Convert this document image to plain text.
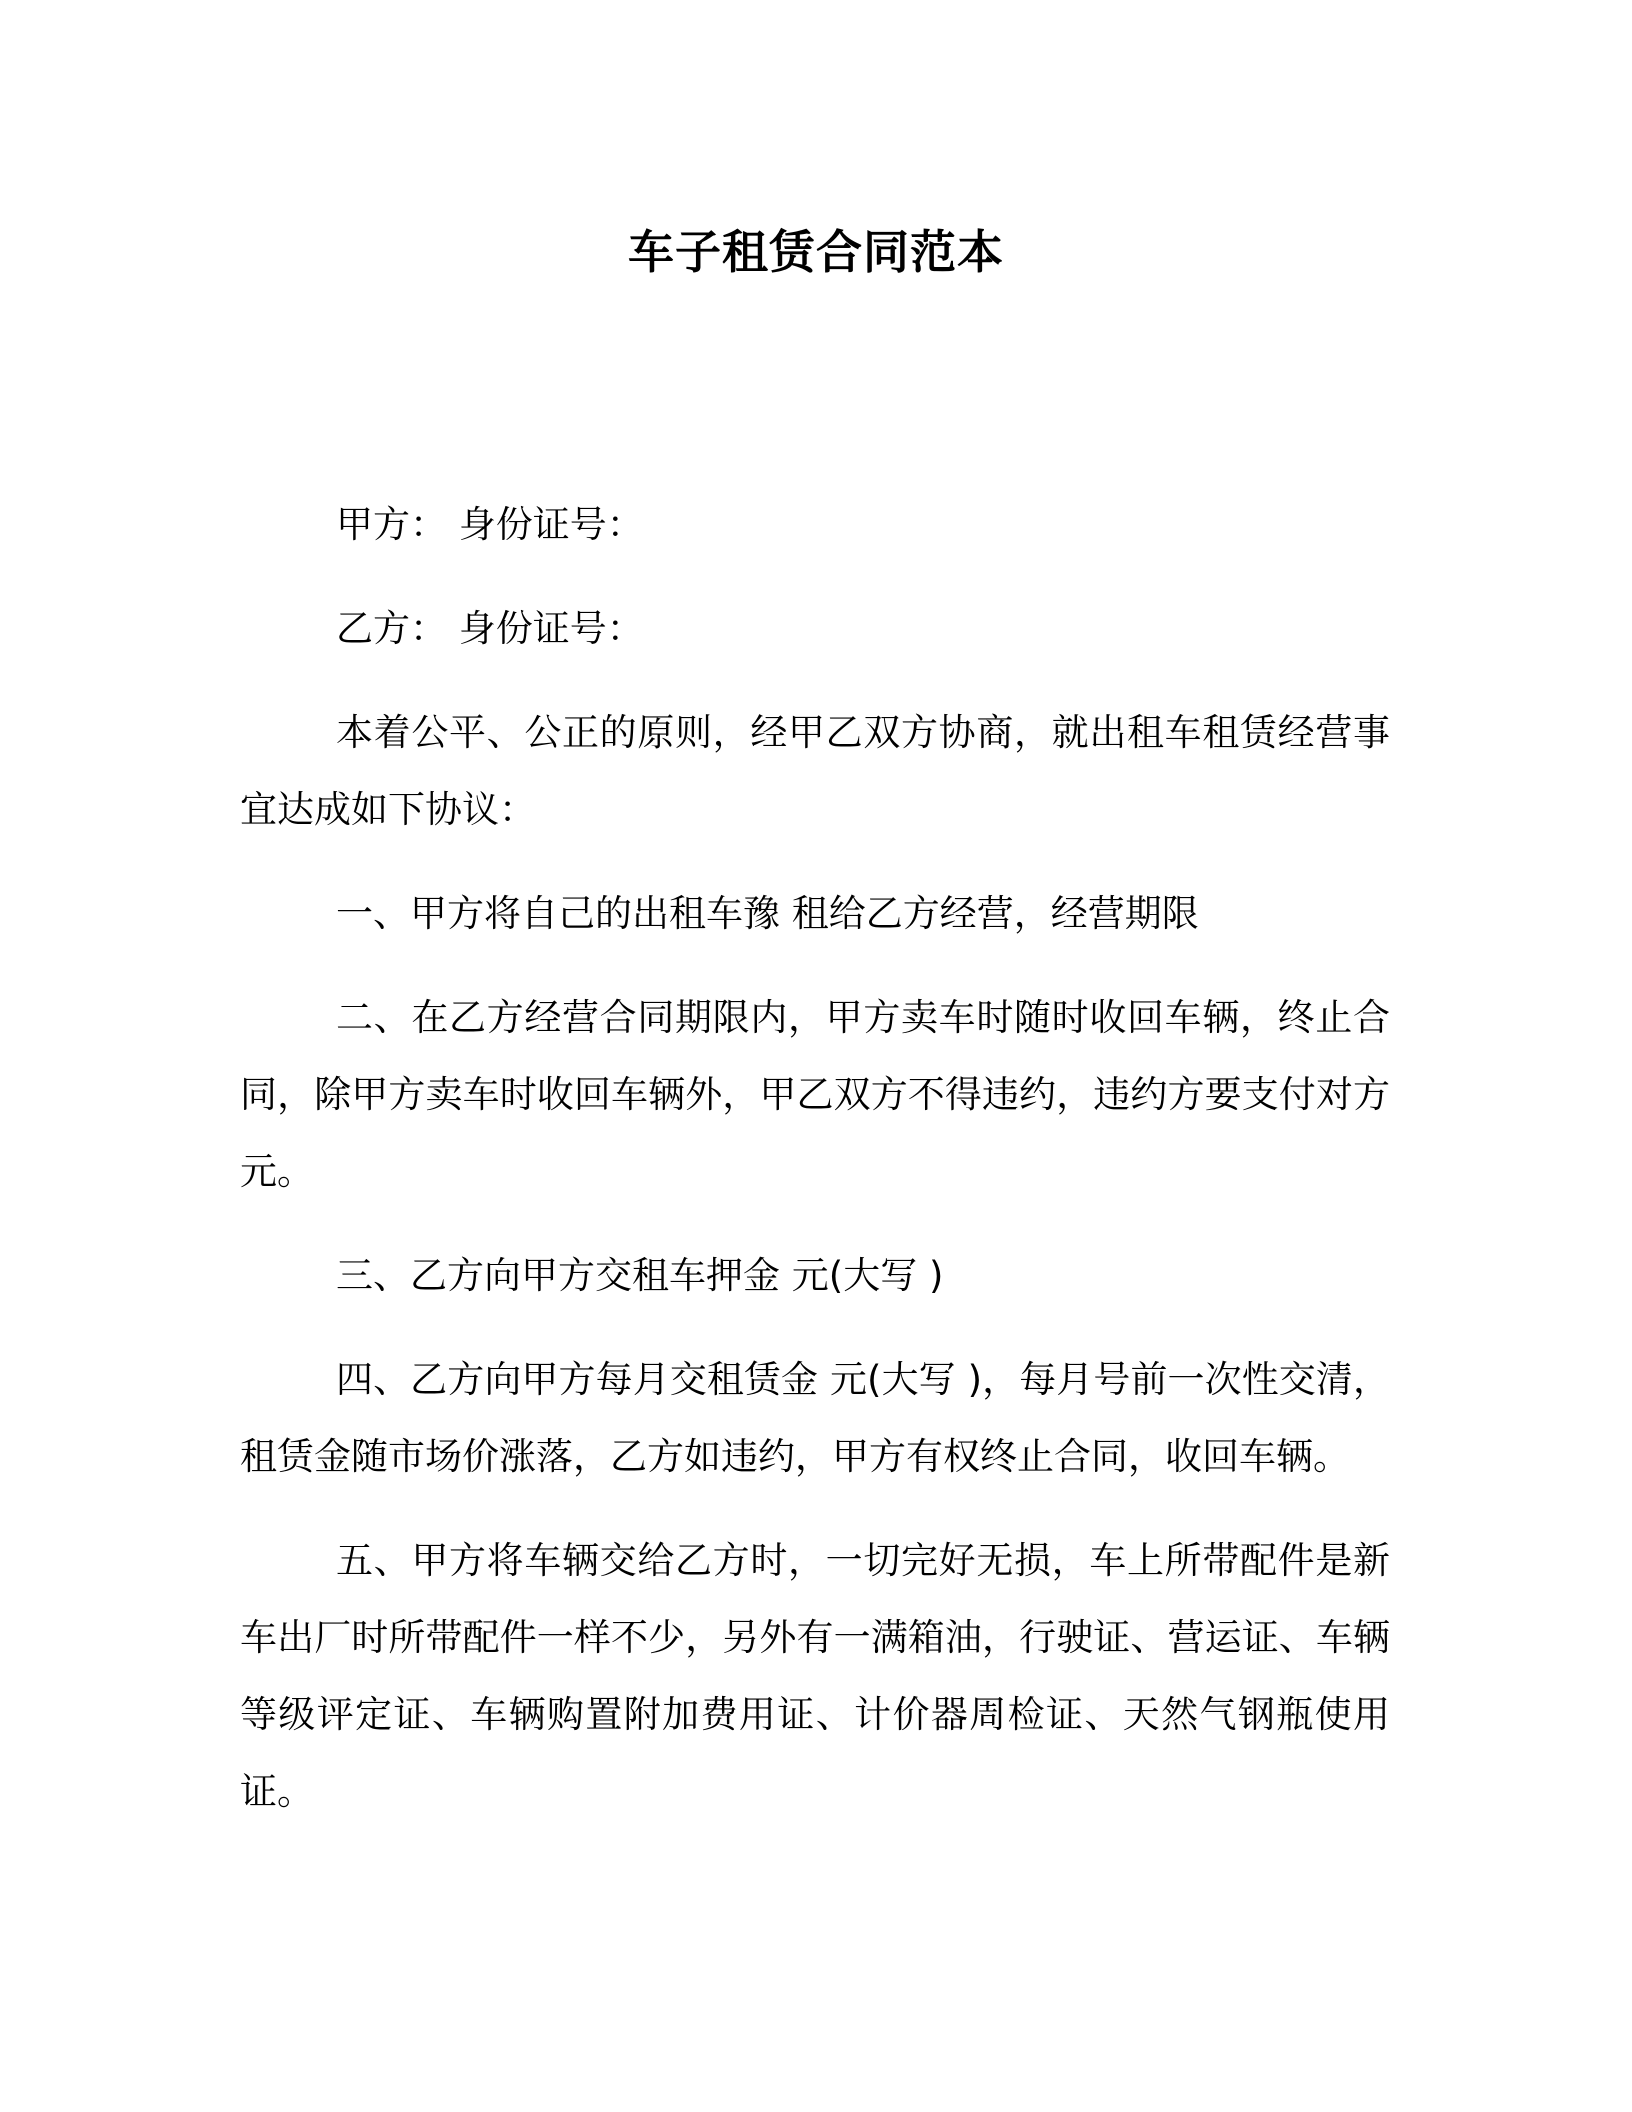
车子租赁合同范本

甲方： 身份证号：

乙方： 身份证号：

本着公平、公正的原则，经甲乙双方协商，就出租车租赁经营事宜达成如下协议：

一、甲方将自己的出租车豫 租给乙方经营，经营期限

二、在乙方经营合同期限内，甲方卖车时随时收回车辆，终止合同，除甲方卖车时收回车辆外，甲乙双方不得违约，违约方要支付对方 元。

三、乙方向甲方交租车押金 元(大写 )

四、乙方向甲方每月交租赁金 元(大写 )，每月号前一次性交清，租赁金随市场价涨落，乙方如违约，甲方有权终止合同，收回车辆。

五、甲方将车辆交给乙方时，一切完好无损，车上所带配件是新车出厂时所带配件一样不少，另外有一满箱油，行驶证、营运证、车辆等级评定证、车辆购置附加费用证、计价器周检证、天然气钢瓶使用证。
